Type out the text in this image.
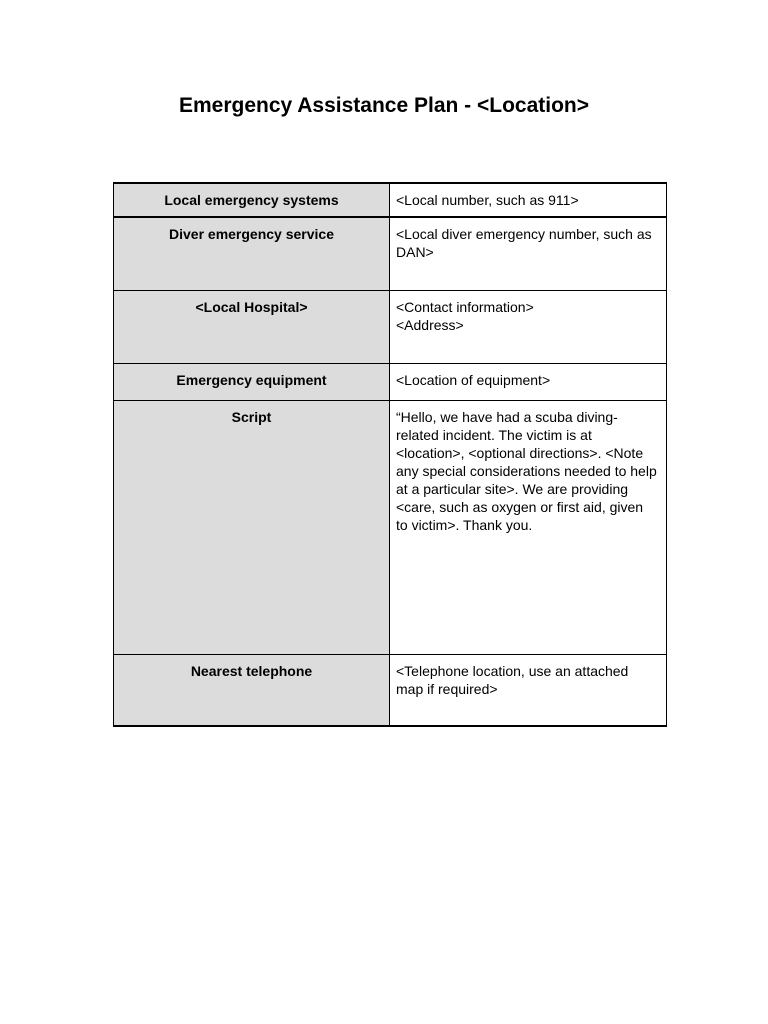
Emergency Assistance Plan - <Location>
Local emergency systems	<Local number, such as 911>
Diver emergency service	<Local diver emergency number, such as DAN>
<Local Hospital>	<Contact information>
<Address>
Emergency equipment	<Location of equipment>
Script	“Hello, we have had a scuba diving-related incident. The victim is at <location>, <optional directions>. <Note any special considerations needed to help at a particular site>. We are providing <care, such as oxygen or first aid, given to victim>. Thank you.
Nearest telephone	<Telephone location, use an attached map if required>
